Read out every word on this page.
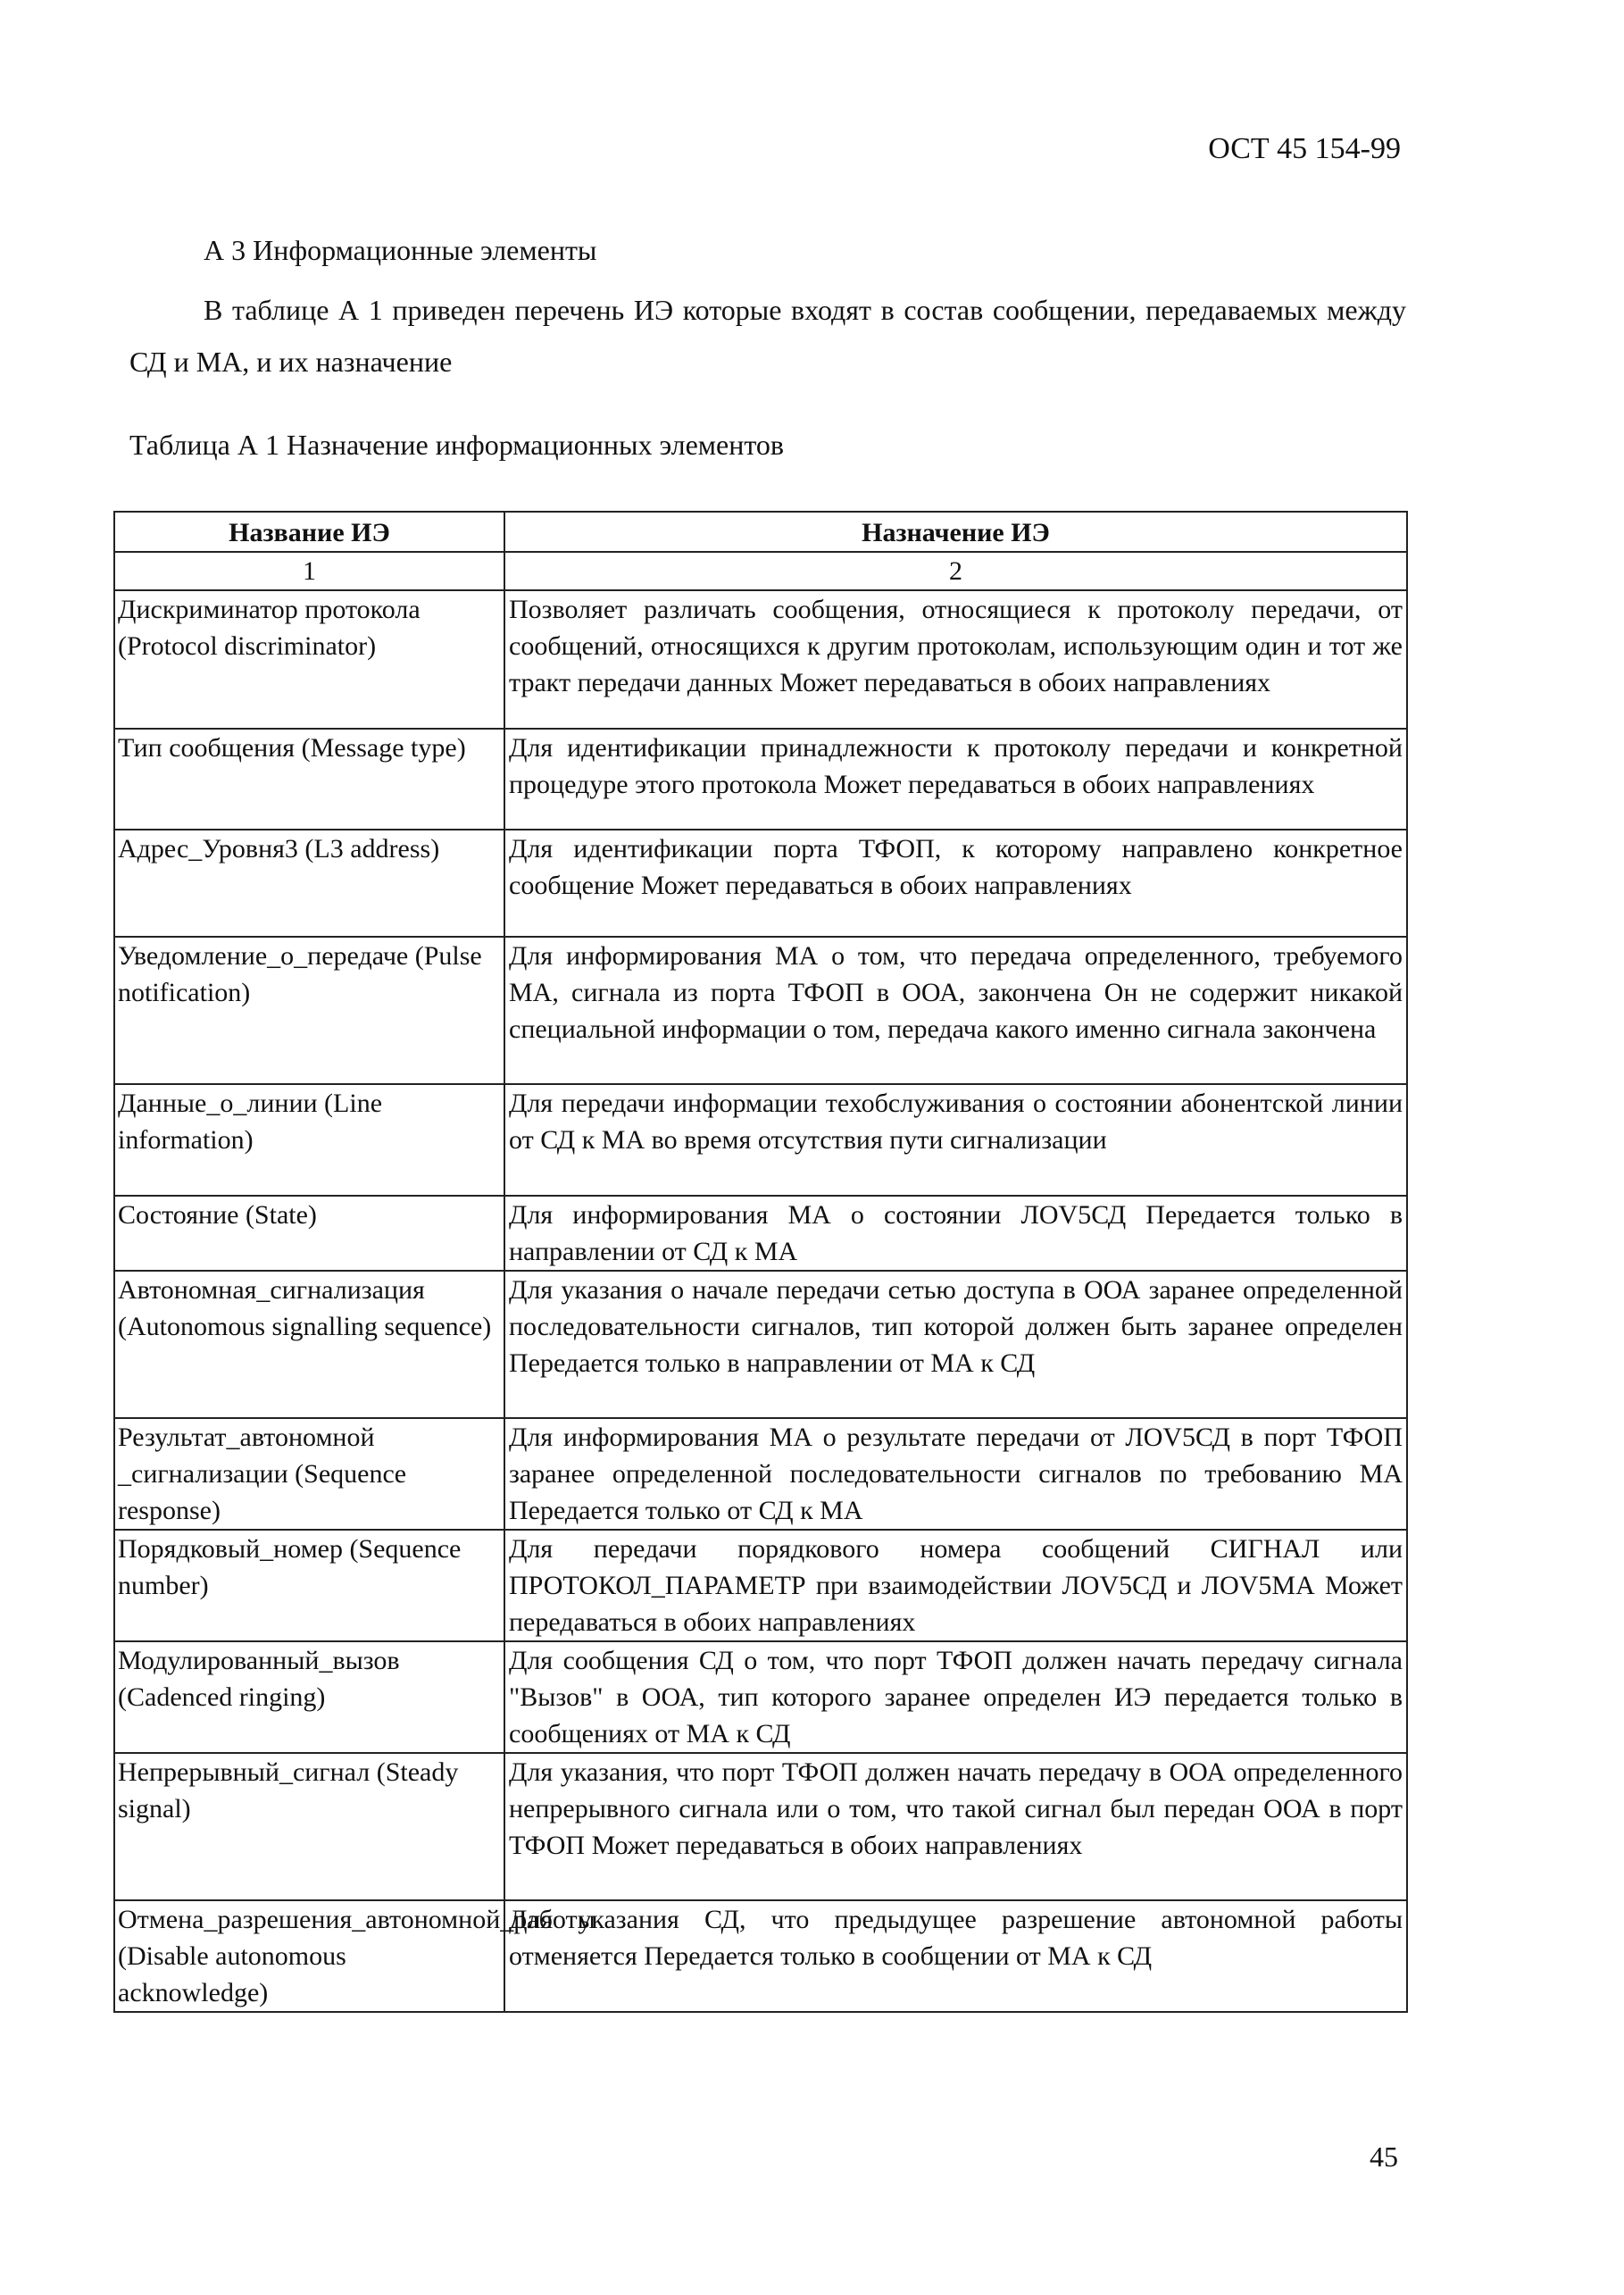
ОСТ 45 154-99
А 3 Информационные элементы
В таблице А 1 приведен перечень ИЭ которые входят в состав сообщении, передаваемых между СД и МА, и их назначение
Таблица А 1 Назначение информационных элементов
Название ИЭ	Назначение ИЭ
1	2
Дискриминатор протокола (Protocol discriminator)	Позволяет различать сообщения, относящиеся к протоколу передачи, от сообщений, относящихся к другим протоколам, использующим один и тот же тракт передачи данных Может передаваться в обоих направлениях
Тип сообщения (Message type)	Для идентификации принадлежности к протоколу передачи и конкретной процедуре этого протокола Может передаваться в обоих направлениях
Адрес_Уровня3 (L3 address)	Для идентификации порта ТФОП, к которому направлено конкретное сообщение Может передаваться в обоих направлениях
Уведомление_о_передаче (Pulse notification)	Для информирования МА о том, что передача определенного, требуемого МА, сигнала из порта ТФОП в ООА, закончена Он не содержит никакой специальной информации о том, передача какого именно сигнала закончена
Данные_о_линии (Line information)	Для передачи информации техобслуживания о состоянии абонентской линии от СД к МА во время отсутствия пути сигнализации
Состояние (State)	Для информирования МА о состоянии ЛОV5СД Передается только в направлении от СД к МА
Автономная_сигнализация (Autonomous signalling sequence)	Для указания о начале передачи сетью доступа в ООА заранее определенной последовательности сигналов, тип которой должен быть заранее определен Передается только в направлении от МА к СД
Результат_автономной _сигнализации (Sequence response)	Для информирования МА о результате передачи от ЛОV5СД в порт ТФОП заранее определенной последовательности сигналов по требованию МА Передается только от СД к МА
Порядковый_номер (Sequence number)	Для передачи порядкового номера сообщений СИГНАЛ или ПРОТОКОЛ_ПАРАМЕТР при взаимодействии ЛОV5СД и ЛОV5МА Может передаваться в обоих направлениях
Модулированный_вызов (Cadenced ringing)	Для сообщения СД о том, что порт ТФОП должен начать передачу сигнала "Вызов" в ООА, тип которого заранее определен ИЭ передается только в сообщениях от МА к СД
Непрерывный_сигнал (Steady signal)	Для указания, что порт ТФОП должен начать передачу в ООА определенного непрерывного сигнала или о том, что такой сигнал был передан ООА в порт ТФОП Может передаваться в обоих направлениях
Отмена_разрешения_автономной_работы (Disable autonomous acknowledge)	Для указания СД, что предыдущее разрешение автономной работы отменяется Передается только в сообщении от МА к СД
45
